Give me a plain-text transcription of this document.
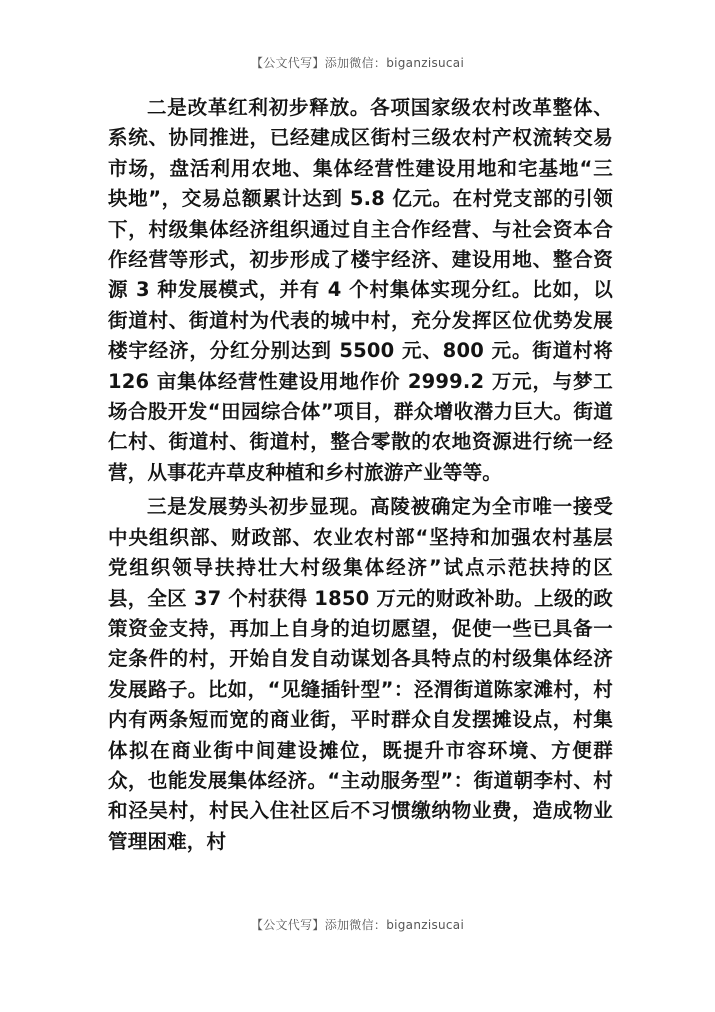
【公文代写】添加微信：biganzisucai

二是改革红利初步释放。各项国家级农村改革整体、系统、协同推进，已经建成区街村三级农村产权流转交易市场，盘活利用农地、集体经营性建设用地和宅基地“三块地”，交易总额累计达到 5.8 亿元。在村党支部的引领下，村级集体经济组织通过自主合作经营、与社会资本合作经营等形式，初步形成了楼宇经济、建设用地、整合资源 3 种发展模式，并有 4 个村集体实现分红。比如，以街道村、街道村为代表的城中村，充分发挥区位优势发展楼宇经济，分红分别达到 5500 元、800 元。街道村将 126 亩集体经营性建设用地作价 2999.2 万元，与梦工场合股开发“田园综合体”项目，群众增收潜力巨大。街道仁村、街道村、街道村，整合零散的农地资源进行统一经营，从事花卉草皮种植和乡村旅游产业等等。

三是发展势头初步显现。高陵被确定为全市唯一接受中央组织部、财政部、农业农村部“坚持和加强农村基层党组织领导扶持壮大村级集体经济”试点示范扶持的区县，全区 37 个村获得 1850 万元的财政补助。上级的政策资金支持，再加上自身的迫切愿望，促使一些已具备一定条件的村，开始自发自动谋划各具特点的村级集体经济发展路子。比如，“见缝插针型”：泾渭街道陈家滩村，村内有两条短而宽的商业街，平时群众自发摆摊设点，村集体拟在商业街中间建设摊位，既提升市容环境、方便群众，也能发展集体经济。“主动服务型”：街道朝李村、村和泾吴村，村民入住社区后不习惯缴纳物业费，造成物业管理困难，村

【公文代写】添加微信：biganzisucai
